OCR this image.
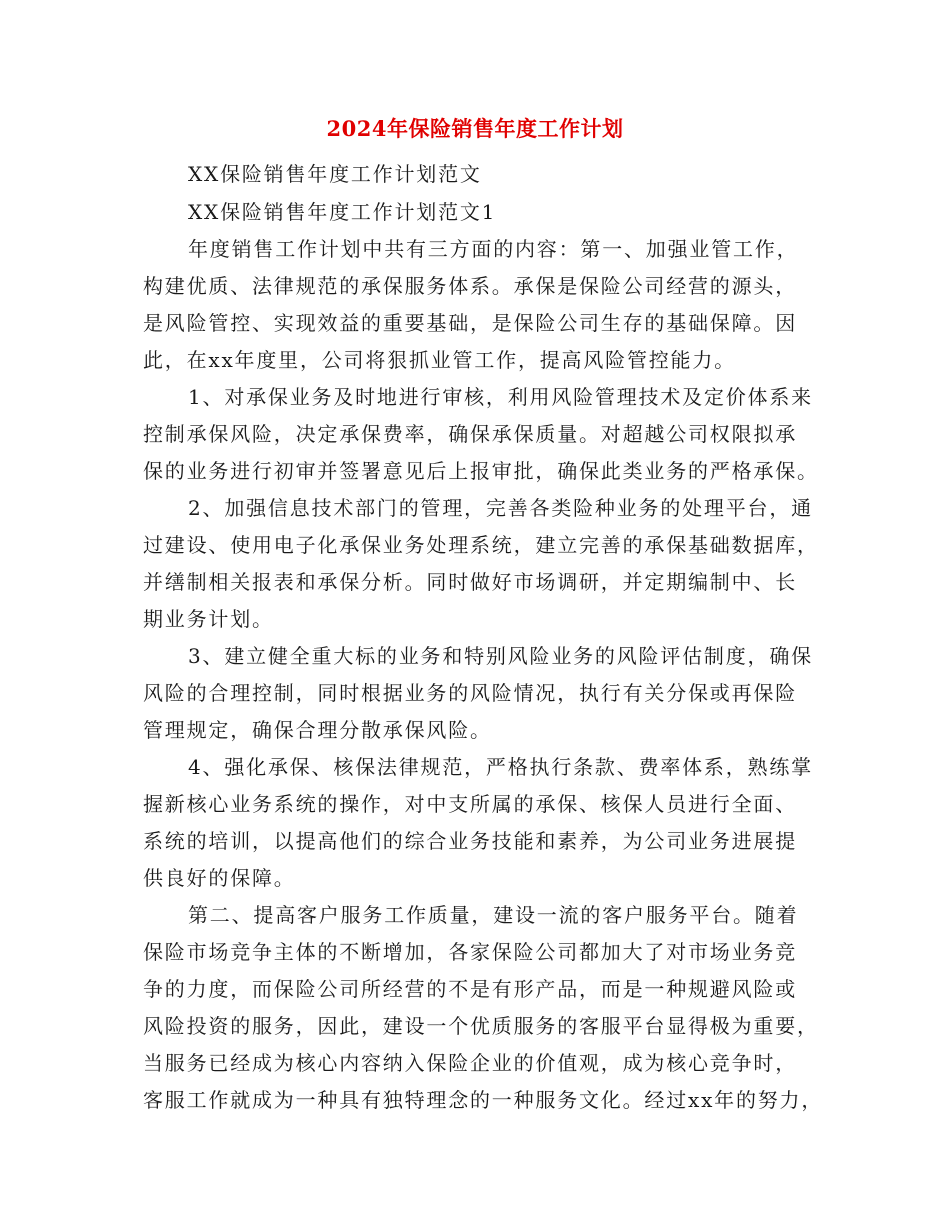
2024年保险销售年度工作计划
XX保险销售年度工作计划范文
XX保险销售年度工作计划范文1
年度销售工作计划中共有三方面的内容：第一、加强业管工作，
构建优质、法律规范的承保服务体系。承保是保险公司经营的源头，
是风险管控、实现效益的重要基础，是保险公司生存的基础保障。因
此，在xx年度里，公司将狠抓业管工作，提高风险管控能力。
1、对承保业务及时地进行审核，利用风险管理技术及定价体系来
控制承保风险，决定承保费率，确保承保质量。对超越公司权限拟承
保的业务进行初审并签署意见后上报审批，确保此类业务的严格承保。
2、加强信息技术部门的管理，完善各类险种业务的处理平台，通
过建设、使用电子化承保业务处理系统，建立完善的承保基础数据库，
并缮制相关报表和承保分析。同时做好市场调研，并定期编制中、长
期业务计划。
3、建立健全重大标的业务和特别风险业务的风险评估制度，确保
风险的合理控制，同时根据业务的风险情况，执行有关分保或再保险
管理规定，确保合理分散承保风险。
4、强化承保、核保法律规范，严格执行条款、费率体系，熟练掌
握新核心业务系统的操作，对中支所属的承保、核保人员进行全面、
系统的培训，以提高他们的综合业务技能和素养，为公司业务进展提
供良好的保障。
第二、提高客户服务工作质量，建设一流的客户服务平台。随着
保险市场竞争主体的不断增加，各家保险公司都加大了对市场业务竞
争的力度，而保险公司所经营的不是有形产品，而是一种规避风险或
风险投资的服务，因此，建设一个优质服务的客服平台显得极为重要，
当服务已经成为核心内容纳入保险企业的价值观，成为核心竞争时，
客服工作就成为一种具有独特理念的一种服务文化。经过xx年的努力，
